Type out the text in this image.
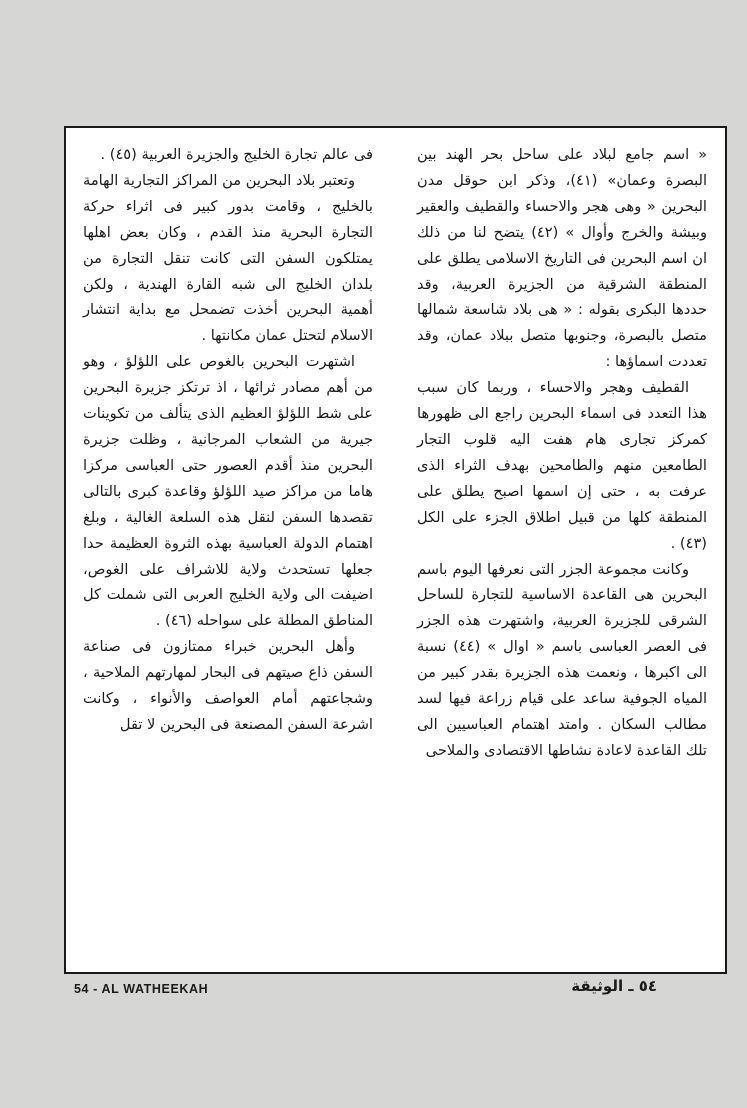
« اسم جامع لبلاد على ساحل بحر الهند بين البصرة وعمان» (٤١)، وذكر ابن حوقل مدن البحرين « وهى هجر والاحساء والقطيف والعقير وبيشة والخرج وأوال » (٤٢) يتضح لنا من ذلك ان اسم البحرين فى التاريخ الاسلامى يطلق على المنطقة الشرقية من الجزيرة العربية، وقد حددها البكرى بقوله : « هى بلاد شاسعة شمالها متصل بالبصرة، وجنوبها متصل ببلاد عمان، وقد تعددت اسماؤها :

القطيف وهجر والاحساء ، وربما كان سبب هذا التعدد فى اسماء البحرين راجع الى ظهورها كمركز تجارى هام هفت اليه قلوب التجار الطامعين منهم والطامحين بهدف الثراء الذى عرفت به ، حتى إن اسمها اصبح يطلق على المنطقة كلها من قبيل اطلاق الجزء على الكل (٤٣) .

وكانت مجموعة الجزر التى نعرفها اليوم باسم البحرين هى القاعدة الاساسية للتجارة للساحل الشرقى للجزيرة العربية، واشتهرت هذه الجزر فى العصر العباسى باسم « اوال » (٤٤) نسبة الى اكبرها ، ونعمت هذه الجزيرة بقدر كبير من المياه الجوفية ساعد على قيام زراعة فيها لسد مطالب السكان . وامتد اهتمام العباسيين الى تلك القاعدة لاعادة نشاطها الاقتصادى والملاحى

فى عالم تجارة الخليج والجزيرة العربية (٤٥) .

وتعتبر بلاد البحرين من المراكز التجارية الهامة بالخليج ، وقامت بدور كبير فى اثراء حركة التجارة البحرية منذ القدم ، وكان بعض اهلها يمتلكون السفن التى كانت تنقل التجارة من بلدان الخليج الى شبه القارة الهندية ، ولكن أهمية البحرين أخذت تضمحل مع بداية انتشار الاسلام لتحتل عمان مكانتها .

اشتهرت البحرين بالغوص على اللؤلؤ ، وهو من أهم مصادر ثرائها ، اذ ترتكز جزيرة البحرين على شط اللؤلؤ العظيم الذى يتألف من تكوينات جيرية من الشعاب المرجانية ، وظلت جزيرة البحرين منذ أقدم العصور حتى العباسى مركزا هاما من مراكز صيد اللؤلؤ وقاعدة كبرى بالتالى تقصدها السفن لنقل هذه السلعة الغالية ، وبلغ اهتمام الدولة العباسية بهذه الثروة العظيمة حدا جعلها تستحدث ولاية للاشراف على الغوص، اضيفت الى ولاية الخليج العربى التى شملت كل المناطق المطلة على سواحله (٤٦) .

وأهل البحرين خبراء ممتازون فى صناعة السفن ذاع صيتهم فى البحار لمهارتهم الملاحية ، وشجاعتهم أمام العواصف والأنواء ، وكانت اشرعة السفن المصنعة فى البحرين لا تقل

54 - AL WATHEEKAH	٥٤ ـ الوثيقة
